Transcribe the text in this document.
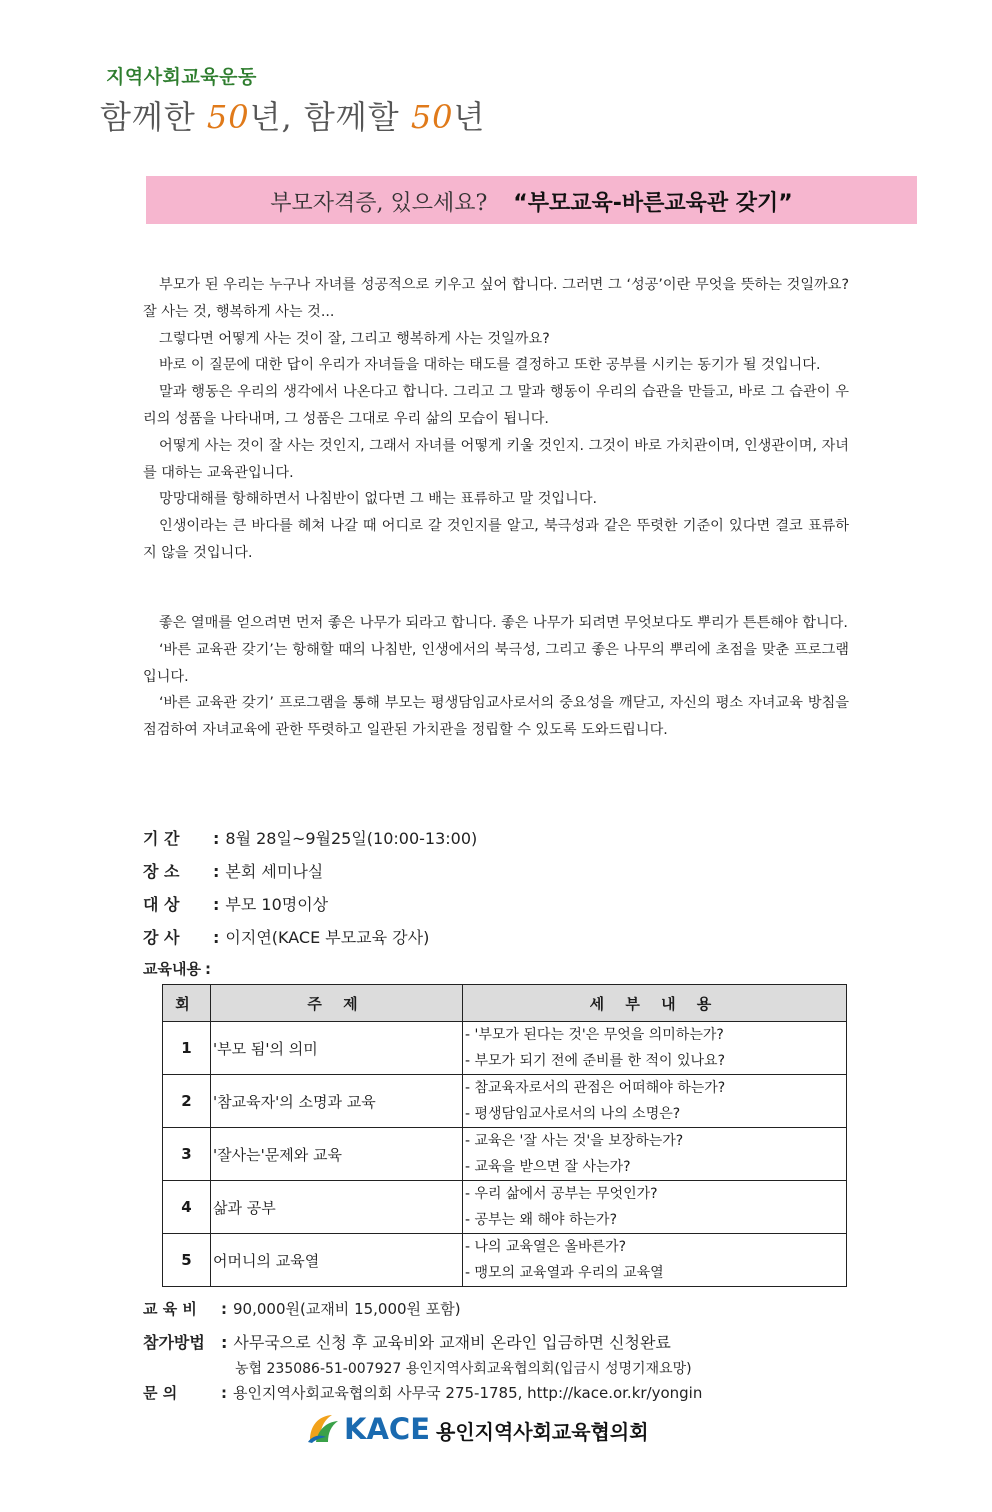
지역사회교육운동
함께한 50년, 함께할 50년
부모자격증, 있으세요? “부모교육-바른교육관 갖기”

부모가 된 우리는 누구나 자녀를 성공적으로 키우고 싶어 합니다. 그러면 그 ‘성공’이란 무엇을 뜻하는 것일까요? 잘 사는 것, 행복하게 사는 것...

그렇다면 어떻게 사는 것이 잘, 그리고 행복하게 사는 것일까요?

바로 이 질문에 대한 답이 우리가 자녀들을 대하는 태도를 결정하고 또한 공부를 시키는 동기가 될 것입니다.

말과 행동은 우리의 생각에서 나온다고 합니다. 그리고 그 말과 행동이 우리의 습관을 만들고, 바로 그 습관이 우리의 성품을 나타내며, 그 성품은 그대로 우리 삶의 모습이 됩니다.

어떻게 사는 것이 잘 사는 것인지, 그래서 자녀를 어떻게 키울 것인지. 그것이 바로 가치관이며, 인생관이며, 자녀를 대하는 교육관입니다.

망망대해를 항해하면서 나침반이 없다면 그 배는 표류하고 말 것입니다.

인생이라는 큰 바다를 헤쳐 나갈 때 어디로 갈 것인지를 알고, 북극성과 같은 뚜렷한 기준이 있다면 결코 표류하지 않을 것입니다.

좋은 열매를 얻으려면 먼저 좋은 나무가 되라고 합니다. 좋은 나무가 되려면 무엇보다도 뿌리가 튼튼해야 합니다.

‘바른 교육관 갖기’는 항해할 때의 나침반, 인생에서의 북극성, 그리고 좋은 나무의 뿌리에 초점을 맞춘 프로그램입니다.

‘바른 교육관 갖기’ 프로그램을 통해 부모는 평생담임교사로서의 중요성을 깨닫고, 자신의 평소 자녀교육 방침을 점검하여 자녀교육에 관한 뚜렷하고 일관된 가치관을 정립할 수 있도록 도와드립니다.

기 간 : 8월 28일~9월25일(10:00-13:00)
장 소 : 본회 세미나실
대 상 : 부모 10명이상
강 사 : 이지연(KACE 부모교육 강사)
교육내용 :
회	주 제	세 부 내 용
1	'부모 됨'의 의미	- '부모가 된다는 것'은 무엇을 의미하는가?
- 부모가 되기 전에 준비를 한 적이 있나요?

2	'참교육자'의 소명과 교육	- 참교육자로서의 관점은 어떠해야 하는가?
- 평생담임교사로서의 나의 소명은?

3	'잘사는'문제와 교육	- 교육은 '잘 사는 것'을 보장하는가?
- 교육을 받으면 잘 사는가?

4	삶과 공부	- 우리 삶에서 공부는 무엇인가?
- 공부는 왜 해야 하는가?

5	어머니의 교육열	- 나의 교육열은 올바른가?
- 맹모의 교육열과 우리의 교육열
교 육 비 : 90,000원(교재비 15,000원 포함)
참가방법 : 사무국으로 신청 후 교육비와 교재비 온라인 입금하면 신청완료
농협 235086-51-007927 용인지역사회교육협의회(입금시 성명기재요망)
문 의	: 용인지역사회교육협의회 사무국 275-1785, http://kace.or.kr/yongin
KACE 용인지역사회교육협의회
